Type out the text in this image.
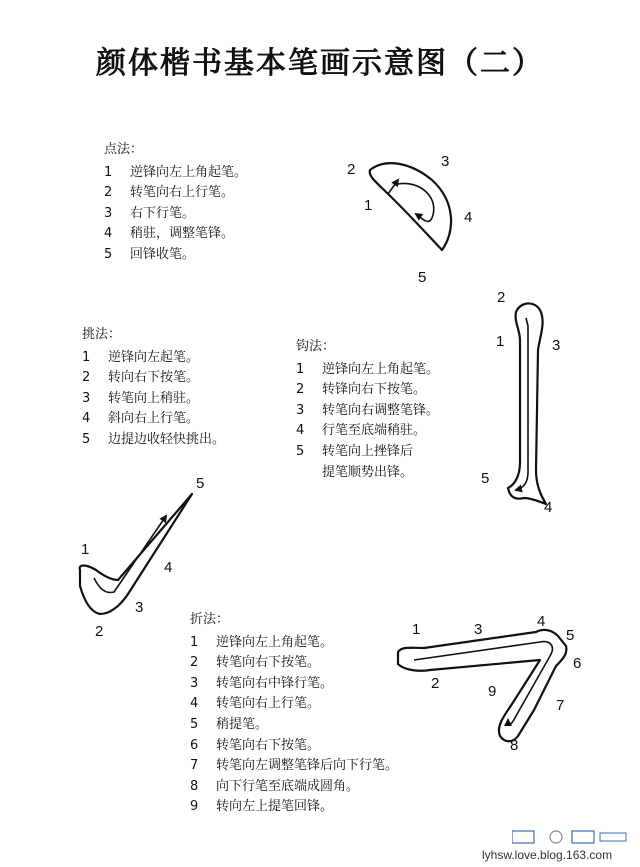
颜体楷书基本笔画示意图（二）
点法：
1 逆锋向左上角起笔。
2 转笔向右上行笔。
3 右下行笔。
4 稍驻，调整笔锋。
5 回锋收笔。
挑法：
1 逆锋向左起笔。
2 转向右下按笔。
3 转笔向上稍驻。
4 斜向右上行笔。
5 边提边收轻快挑出。
钩法：
1 逆锋向左上角起笔。
2 转锋向右下按笔。
3 转笔向右调整笔锋。
4 行笔至底端稍驻。
5 转笔向上挫锋后
提笔顺势出锋。
折法：
1 逆锋向左上角起笔。
2 转笔向右下按笔。
3 转笔向右中锋行笔。
4 转笔向右上行笔。
5 稍提笔。
6 转笔向右下按笔。
7 转笔向左调整笔锋后向下行笔。
8 向下行笔至底端成圆角。
9 转向左上提笔回锋。
2	3
1
4
5
2
1	3
5
4
1
5
4
3
2	1	3	4
5
6
2	9
7
8
lyhsw.love.blog.163.com
